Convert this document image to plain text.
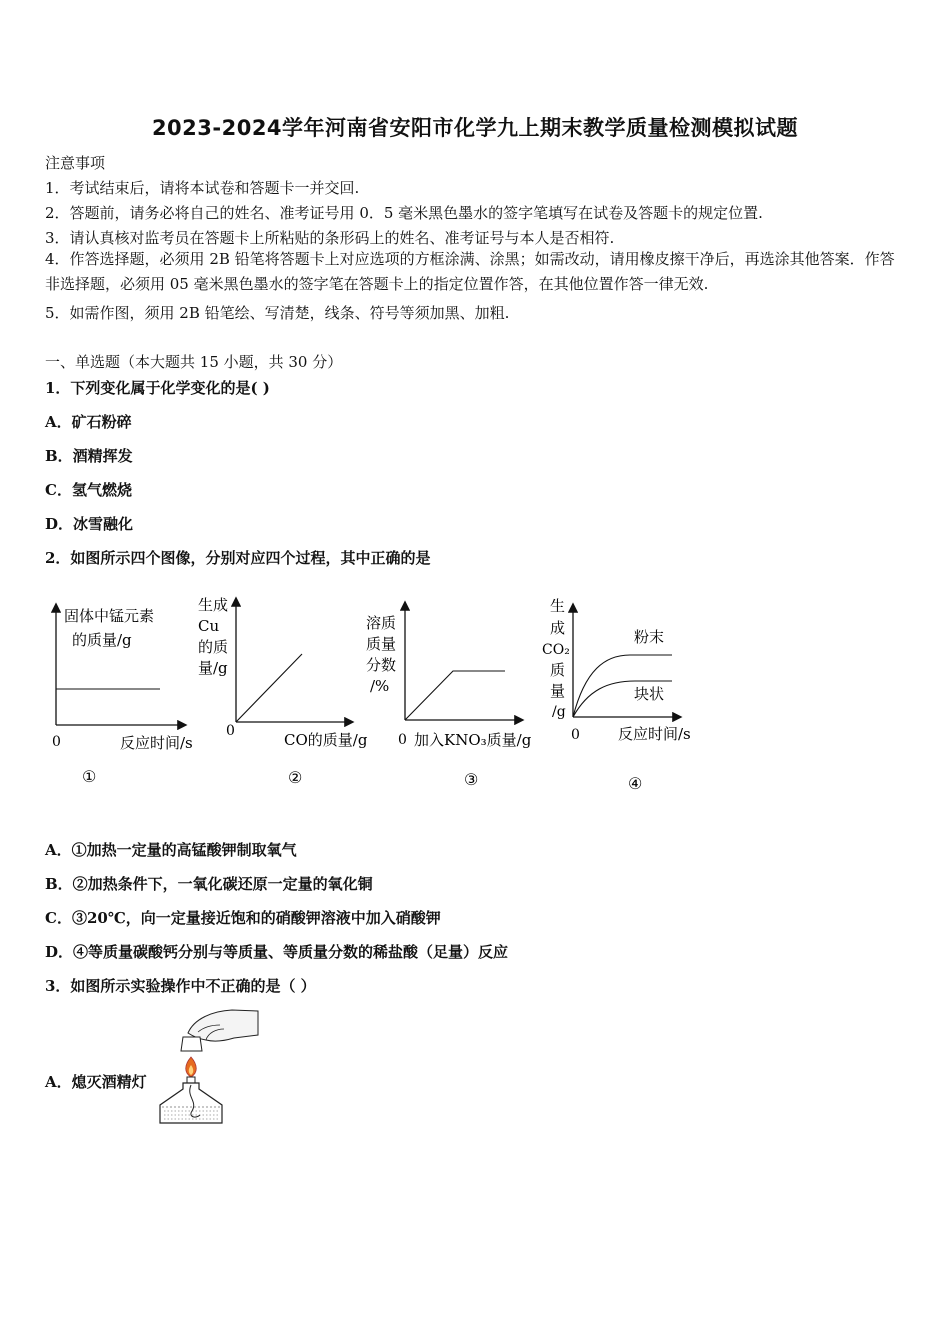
2023-2024学年河南省安阳市化学九上期末教学质量检测模拟试题
注意事项
1．考试结束后，请将本试卷和答题卡一并交回.
2．答题前，请务必将自己的姓名、准考证号用 0．5 毫米黑色墨水的签字笔填写在试卷及答题卡的规定位置.
3．请认真核对监考员在答题卡上所粘贴的条形码上的姓名、准考证号与本人是否相符.
4．作答选择题，必须用 2B 铅笔将答题卡上对应选项的方框涂满、涂黑；如需改动，请用橡皮擦干净后，再选涂其他答案．作答非选择题，必须用 05 毫米黑色墨水的签字笔在答题卡上的指定位置作答，在其他位置作答一律无效.
5．如需作图，须用 2B 铅笔绘、写清楚，线条、符号等须加黑、加粗.
一、单选题（本大题共 15 小题，共 30 分）
1．下列变化属于化学变化的是( )
A．矿石粉碎
B．酒精挥发
C．氢气燃烧
D．冰雪融化
2．如图所示四个图像，分别对应四个过程，其中正确的是
固体中锰元素
的质量/g
0	反应时间/s
①
生成
Cu
的质
量/g
0	CO的质量/g
②
溶质
质量
分数
/%
0 加入KNO₃质量/g
③
生
成
CO₂
质
量
/g
粉末
块状
0	反应时间/s
④
A．①加热一定量的高锰酸钾制取氧气
B．②加热条件下，一氧化碳还原一定量的氧化铜
C．③20℃，向一定量接近饱和的硝酸钾溶液中加入硝酸钾
D．④等质量碳酸钙分别与等质量、等质量分数的稀盐酸（足量）反应
3．如图所示实验操作中不正确的是（ ）
A．熄灭酒精灯
